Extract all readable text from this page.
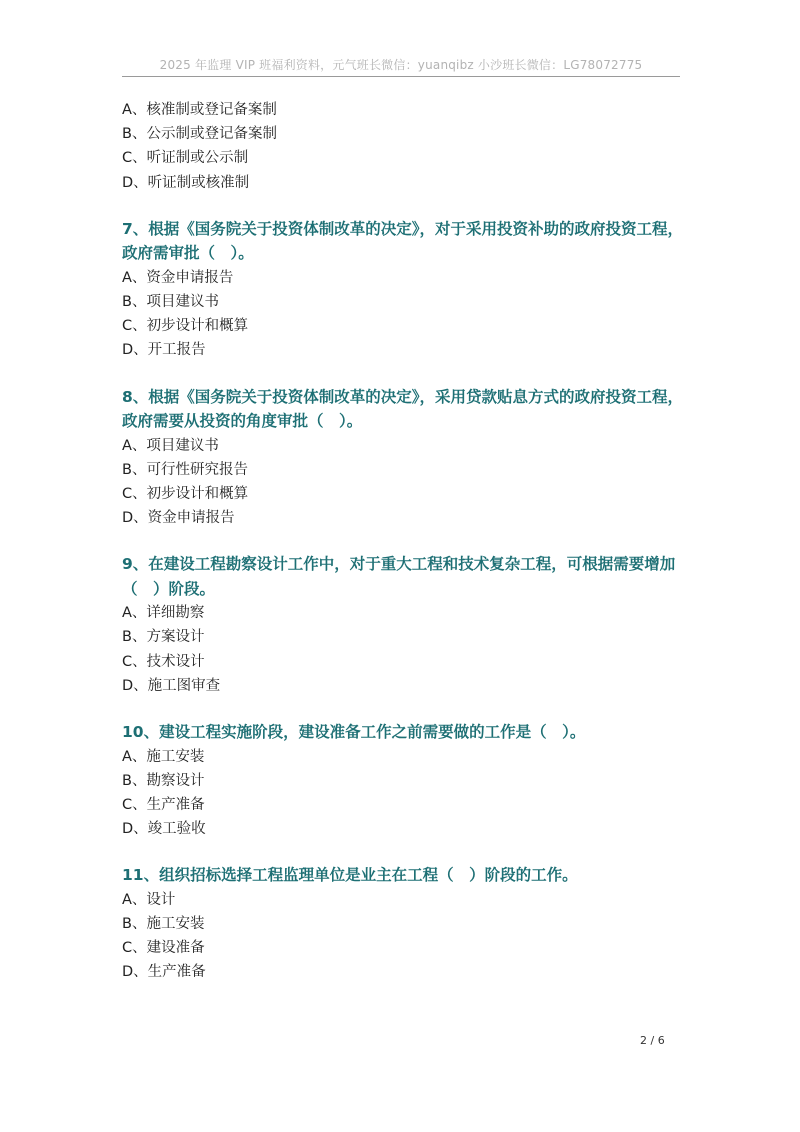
2025 年监理 VIP 班福利资料，元气班长微信：yuanqibz 小沙班长微信：LG78072775
A、核准制或登记备案制
B、公示制或登记备案制
C、听证制或公示制
D、听证制或核准制

7、根据《国务院关于投资体制改革的决定》，对于采用投资补助的政府投资工程，政府需审批（　）。

A、资金申请报告
B、项目建议书
C、初步设计和概算
D、开工报告

8、根据《国务院关于投资体制改革的决定》，采用贷款贴息方式的政府投资工程，政府需要从投资的角度审批（　）。

A、项目建议书
B、可行性研究报告
C、初步设计和概算
D、资金申请报告

9、在建设工程勘察设计工作中，对于重大工程和技术复杂工程，可根据需要增加（　）阶段。

A、详细勘察
B、方案设计
C、技术设计
D、施工图审查

10、建设工程实施阶段，建设准备工作之前需要做的工作是（　）。

A、施工安装
B、勘察设计
C、生产准备
D、竣工验收

11、组织招标选择工程监理单位是业主在工程（　）阶段的工作。

A、设计
B、施工安装
C、建设准备
D、生产准备
2 / 6
